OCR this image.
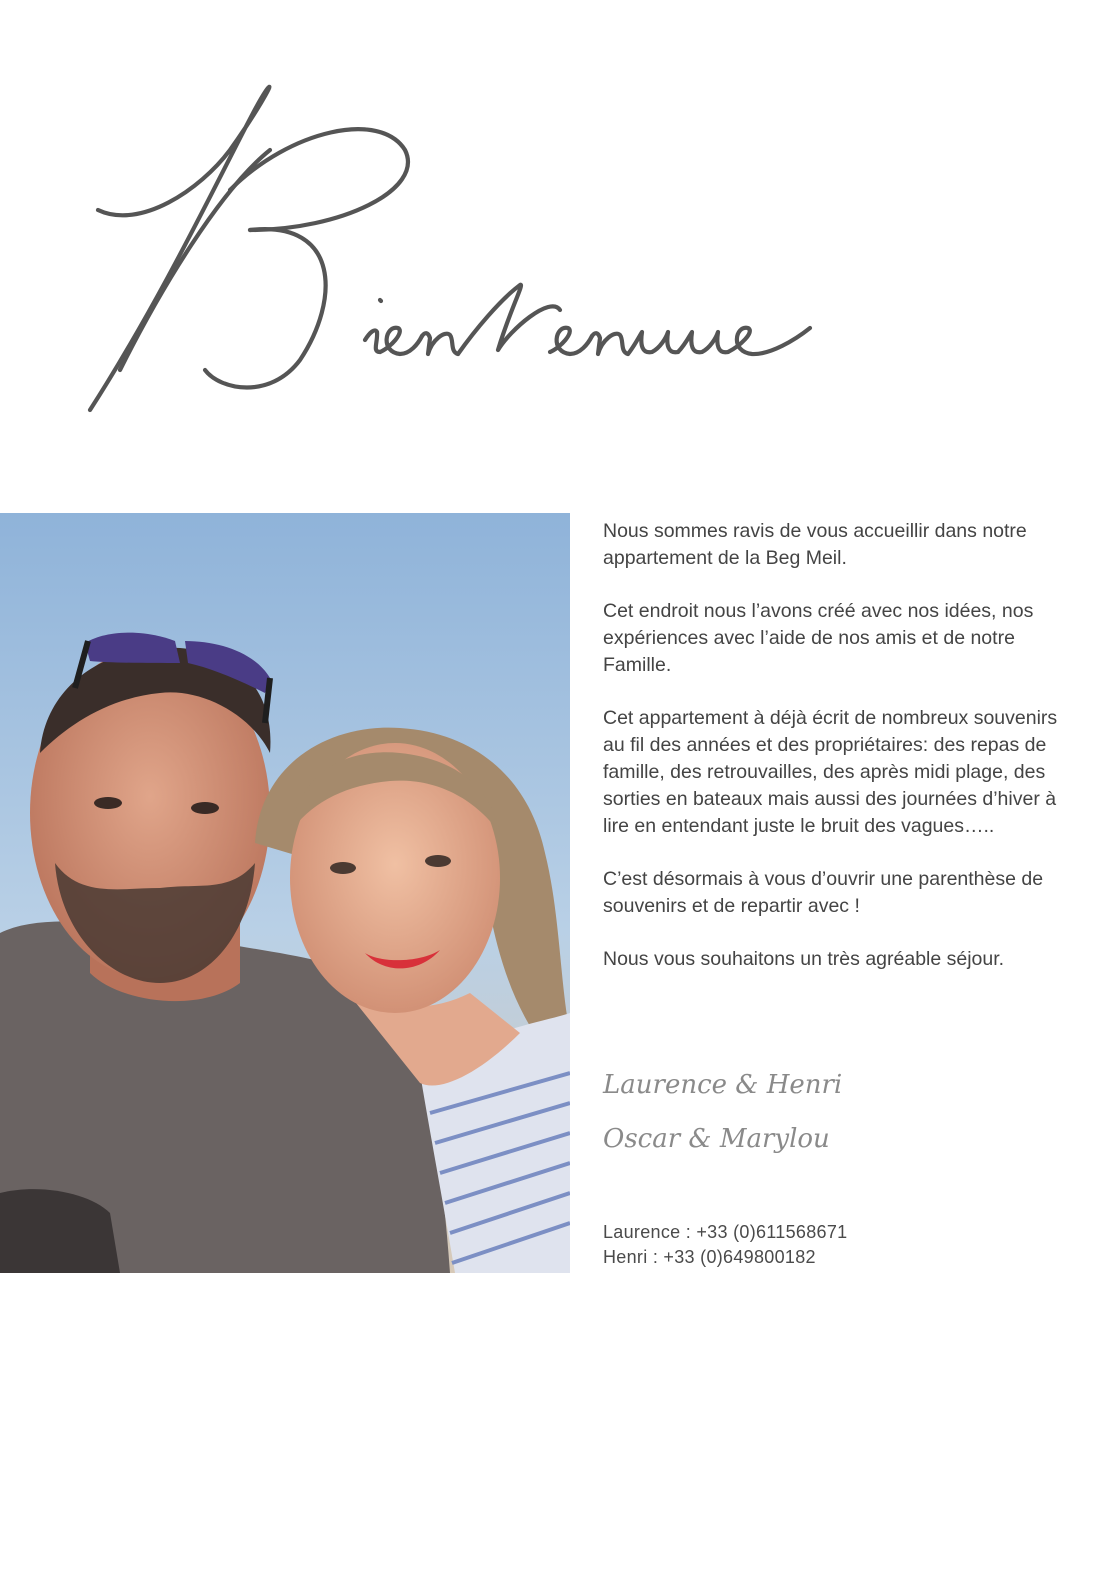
Nous sommes ravis de vous accueillir dans notre appartement de la Beg Meil.

Cet endroit nous l’avons créé avec nos idées, nos expériences avec l’aide de nos amis et de notre Famille.

Cet appartement à déjà écrit de nombreux souvenirs au fil des années et des propriétaires: des repas de famille, des retrouvailles, des après midi plage, des sorties en bateaux mais aussi des journées d’hiver à lire en entendant juste le bruit des vagues…..

C’est désormais à vous d’ouvrir une parenthèse de souvenirs et de repartir avec !

Nous vous souhaitons un très agréable séjour.

Laurence & Henri
Oscar & Marylou
Laurence : +33 (0)611568671
Henri : +33 (0)649800182
